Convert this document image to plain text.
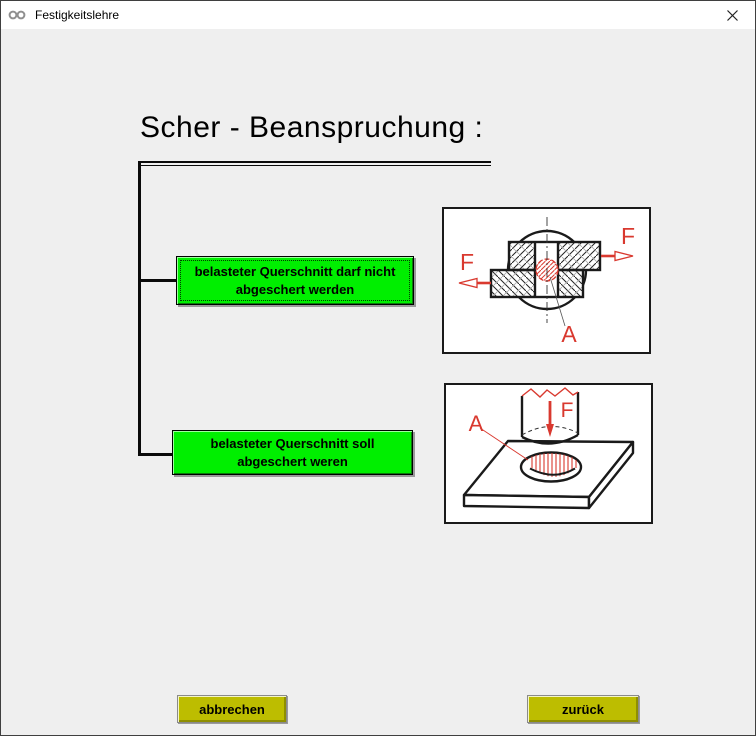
Festigkeitslehre
Scher - Beanspruchung :
belasteter Querschnitt darf nicht
abgeschert werden
belasteter Querschnitt soll
abgeschert weren
F
F
A
F
A
abbrechen	zurück
